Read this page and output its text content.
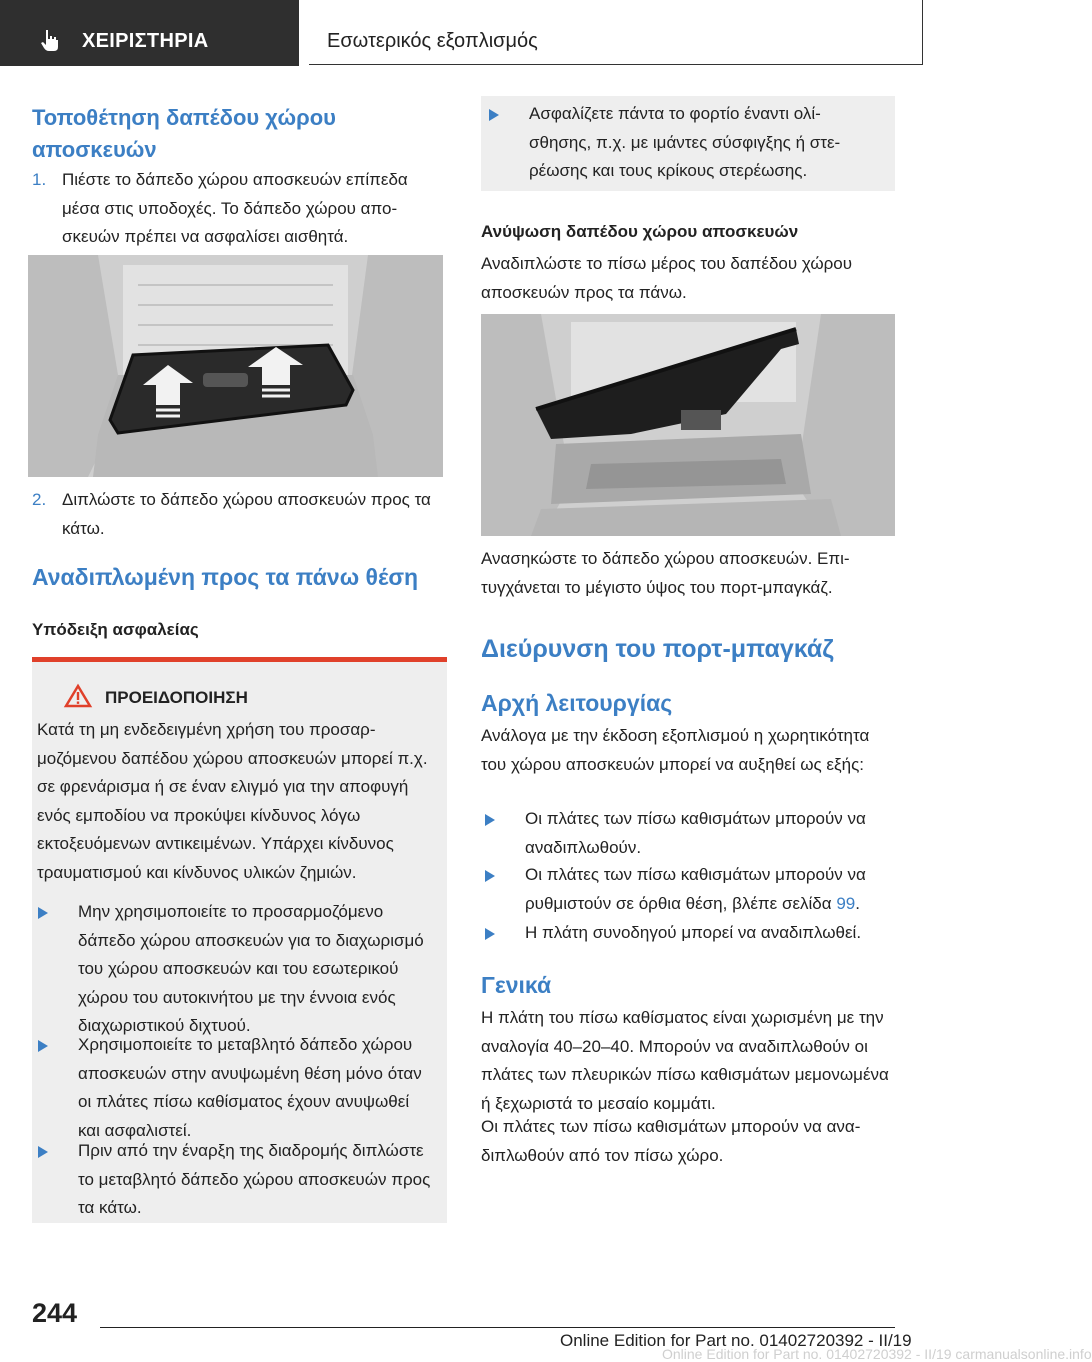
ΧΕΙΡΙΣΤΗΡΙΑ	Εσωτερικός εξοπλισμός
Τοποθέτηση δαπέδου χώρου αποσκευών
1. Πιέστε το δάπεδο χώρου αποσκευών επίπεδα μέσα στις υποδοχές. Το δάπεδο χώρου αποσκευών πρέπει να ασφαλίσει αισθητά.
2. Διπλώστε το δάπεδο χώρου αποσκευών προς τα κάτω.
Αναδιπλωμένη προς τα πάνω θέση
Υπόδειξη ασφαλείας
ΠΡΟΕΙΔΟΠΟΙΗΣΗ
Κατά τη μη ενδεδειγμένη χρήση του προσαρμοζόμενου δαπέδου χώρου αποσκευών μπορεί π.χ. σε φρενάρισμα ή σε έναν ελιγμό για την αποφυγή ενός εμποδίου να προκύψει κίνδυνος λόγω εκτοξευόμενων αντικειμένων. Υπάρχει κίνδυνος τραυματισμού και κίνδυνος υλικών ζημιών.
Μην χρησιμοποιείτε το προσαρμοζόμενο δάπεδο χώρου αποσκευών για το διαχωρισμό του χώρου αποσκευών και του εσωτερικού χώρου του αυτοκινήτου με την έννοια ενός διαχωριστικού διχτυού.
Χρησιμοποιείτε το μεταβλητό δάπεδο χώρου αποσκευών στην ανυψωμένη θέση μόνο όταν οι πλάτες πίσω καθίσματος έχουν ανυψωθεί και ασφαλιστεί.
Πριν από την έναρξη της διαδρομής διπλώστε το μεταβλητό δάπεδο χώρου αποσκευών προς τα κάτω.
Ασφαλίζετε πάντα το φορτίο έναντι ολίσθησης, π.χ. με ιμάντες σύσφιγξης ή στερέωσης και τους κρίκους στερέωσης.
Ανύψωση δαπέδου χώρου αποσκευών
Αναδιπλώστε το πίσω μέρος του δαπέδου χώρου αποσκευών προς τα πάνω.
Ανασηκώστε το δάπεδο χώρου αποσκευών. Επιτυγχάνεται το μέγιστο ύψος του πορτ-μπαγκάζ.
Διεύρυνση του πορτ-μπαγκάζ
Αρχή λειτουργίας
Ανάλογα με την έκδοση εξοπλισμού η χωρητικότητα του χώρου αποσκευών μπορεί να αυξηθεί ως εξής:
Οι πλάτες των πίσω καθισμάτων μπορούν να αναδιπλωθούν.
Οι πλάτες των πίσω καθισμάτων μπορούν να ρυθμιστούν σε όρθια θέση, βλέπε σελίδα 99.
Η πλάτη συνοδηγού μπορεί να αναδιπλωθεί.
Γενικά
Η πλάτη του πίσω καθίσματος είναι χωρισμένη με την αναλογία 40–20–40. Μπορούν να αναδιπλωθούν οι πλάτες των πλευρικών πίσω καθισμάτων μεμονωμένα ή ξεχωριστά το μεσαίο κομμάτι.
Οι πλάτες των πίσω καθισμάτων μπορούν να αναδιπλωθούν από τον πίσω χώρο.
244
Online Edition for Part no. 01402720392 - II/19
Online Edition for Part no. 01402720392 - II/19 carmanualsonline.info
